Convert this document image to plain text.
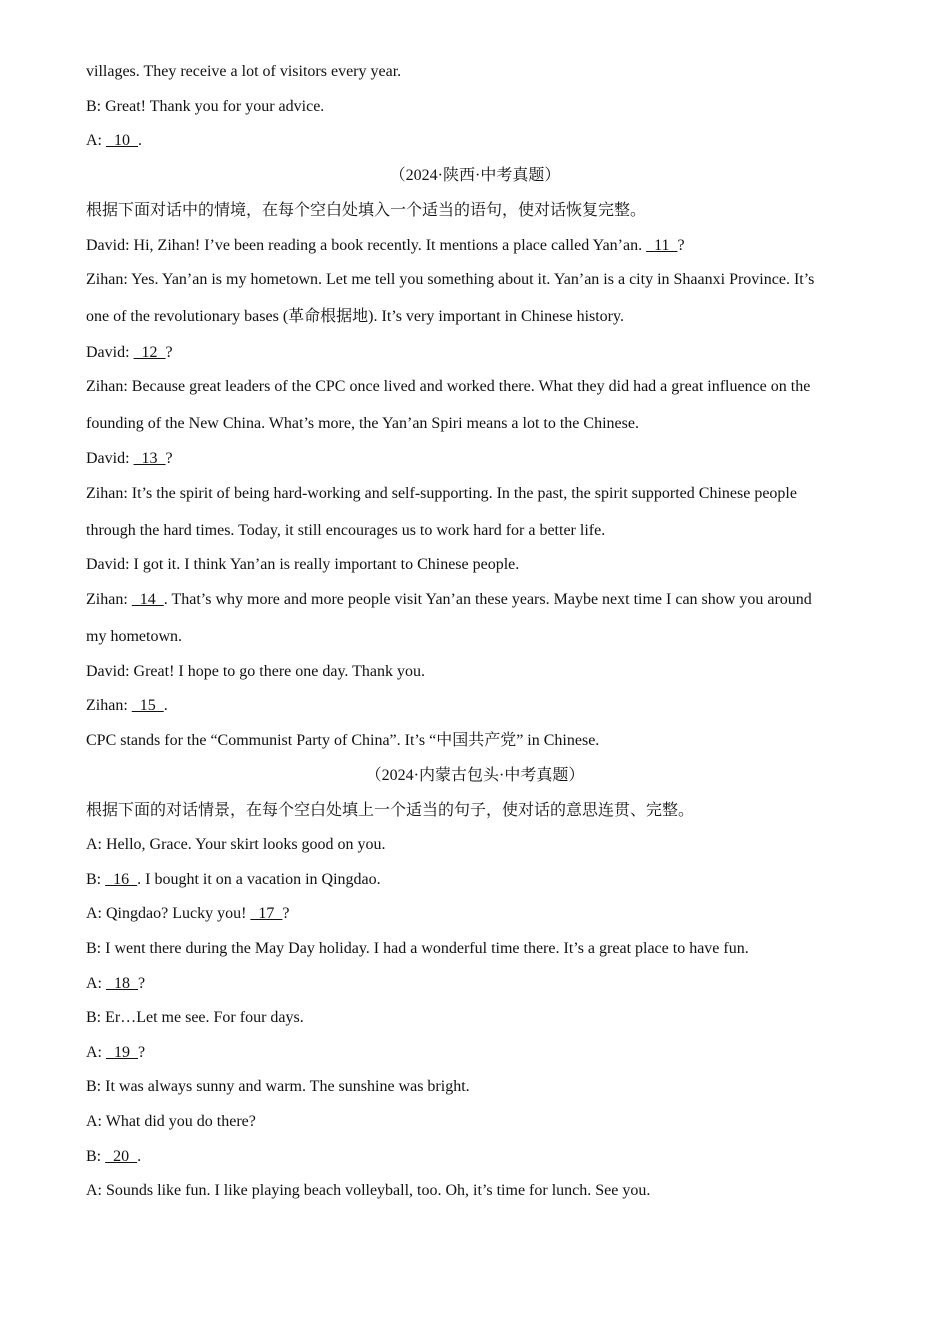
villages. They receive a lot of visitors every year.
B: Great! Thank you for your advice.
A:   10  .
（2024·陕西·中考真题）
根据下面对话中的情境，在每个空白处填入一个适当的语句，使对话恢复完整。
David: Hi, Zihan! I’ve been reading a book recently. It mentions a place called Yan’an.   11  ?
Zihan: Yes. Yan’an is my hometown. Let me tell you something about it. Yan’an is a city in Shaanxi Province. It’s
one of the revolutionary bases (革命根据地). It’s very important in Chinese history.
David:   12  ?
Zihan: Because great leaders of the CPC once lived and worked there. What they did had a great influence on the
founding of the New China. What’s more, the Yan’an Spiri means a lot to the Chinese.
David:   13  ?
Zihan: It’s the spirit of being hard-working and self-supporting. In the past, the spirit supported Chinese people
through the hard times. Today, it still encourages us to work hard for a better life.
David: I got it. I think Yan’an is really important to Chinese people.
Zihan:   14  . That’s why more and more people visit Yan’an these years. Maybe next time I can show you around
my hometown.
David: Great! I hope to go there one day. Thank you.
Zihan:   15  .
CPC stands for the “Communist Party of China”. It’s “中国共产党” in Chinese.
（2024·内蒙古包头·中考真题）
根据下面的对话情景，在每个空白处填上一个适当的句子，使对话的意思连贯、完整。
A: Hello, Grace. Your skirt looks good on you.
B:   16  . I bought it on a vacation in Qingdao.
A: Qingdao? Lucky you!   17  ?
B: I went there during the May Day holiday. I had a wonderful time there. It’s a great place to have fun.
A:   18  ?
B: Er…Let me see. For four days.
A:   19  ?
B: It was always sunny and warm. The sunshine was bright.
A: What did you do there?
B:   20  .
A: Sounds like fun. I like playing beach volleyball, too. Oh, it’s time for lunch. See you.
